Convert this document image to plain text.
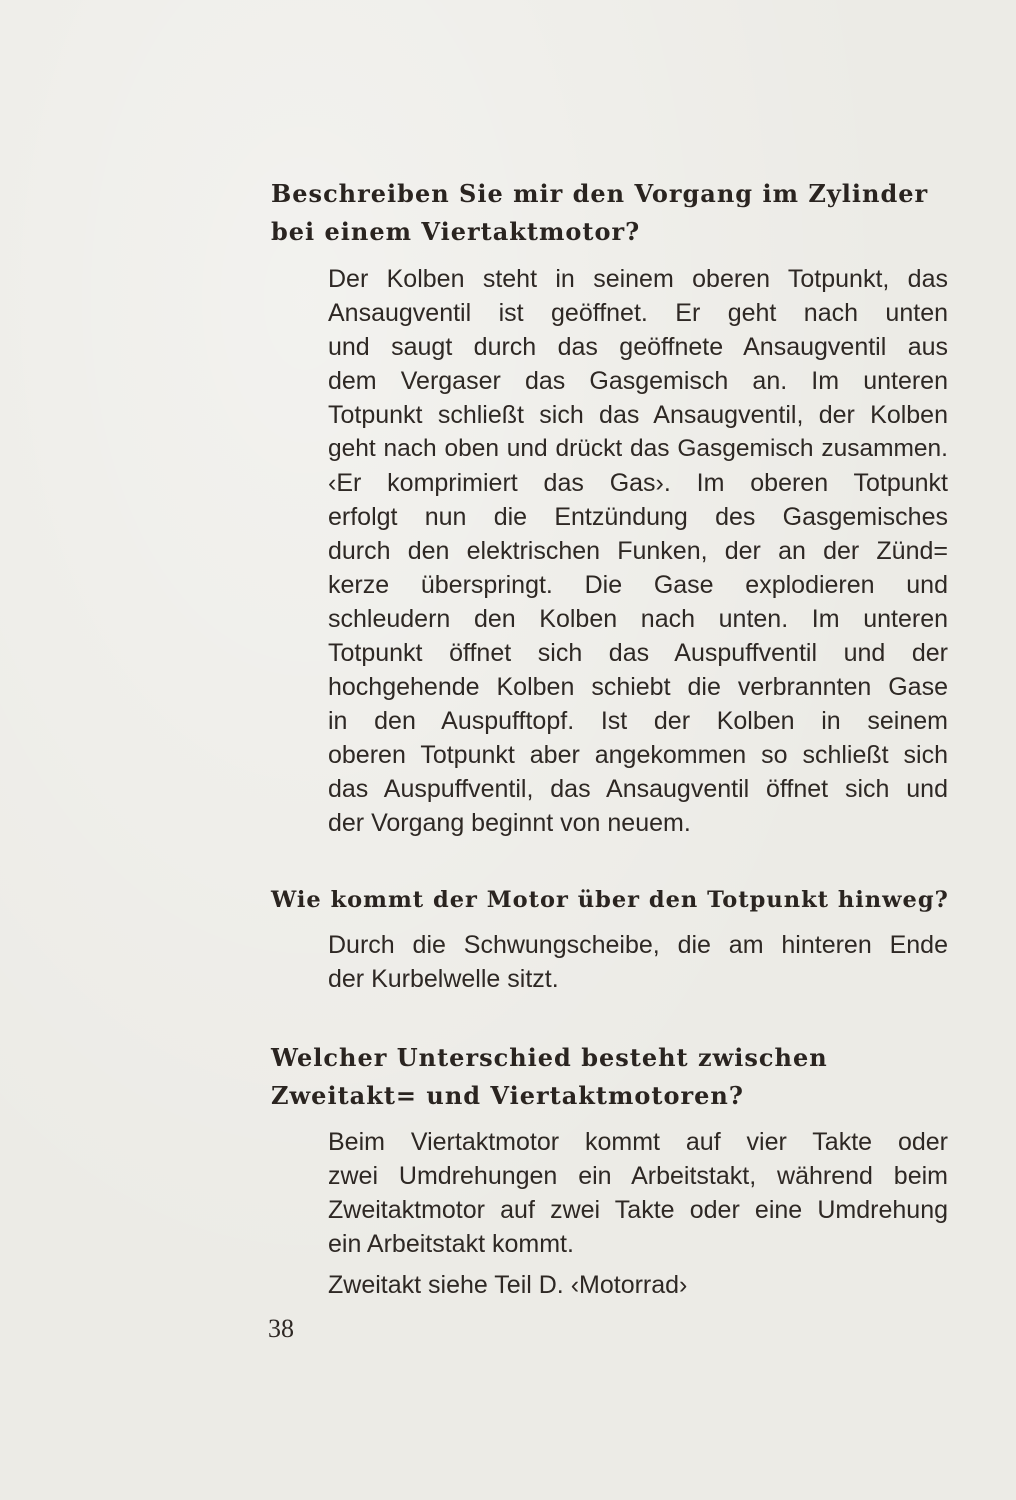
Beschreiben Sie mir den Vorgang im Zylinder
bei einem Viertaktmotor?
Der Kolben steht in seinem oberen Totpunkt, das
Ansaugventil ist geöffnet. Er geht nach unten
und saugt durch das geöffnete Ansaugventil aus
dem Vergaser das Gasgemisch an. Im unteren
Totpunkt schließt sich das Ansaugventil, der Kolben
geht nach oben und drückt das Gasgemisch zusammen.
‹Er komprimiert das Gas›. Im oberen Totpunkt
erfolgt nun die Entzündung des Gasgemisches
durch den elektrischen Funken, der an der Zünd=
kerze überspringt. Die Gase explodieren und
schleudern den Kolben nach unten. Im unteren
Totpunkt öffnet sich das Auspuffventil und der
hochgehende Kolben schiebt die verbrannten Gase
in den Auspufftopf. Ist der Kolben in seinem
oberen Totpunkt aber angekommen so schließt sich
das Auspuffventil, das Ansaugventil öffnet sich und
der Vorgang beginnt von neuem.
Wie kommt der Motor über den Totpunkt hinweg?
Durch die Schwungscheibe, die am hinteren Ende
der Kurbelwelle sitzt.
Welcher Unterschied besteht zwischen
Zweitakt= und Viertaktmotoren?
Beim Viertaktmotor kommt auf vier Takte oder
zwei Umdrehungen ein Arbeitstakt, während beim
Zweitaktmotor auf zwei Takte oder eine Umdrehung
ein Arbeitstakt kommt.
Zweitakt siehe Teil D. ‹Motorrad›
38
